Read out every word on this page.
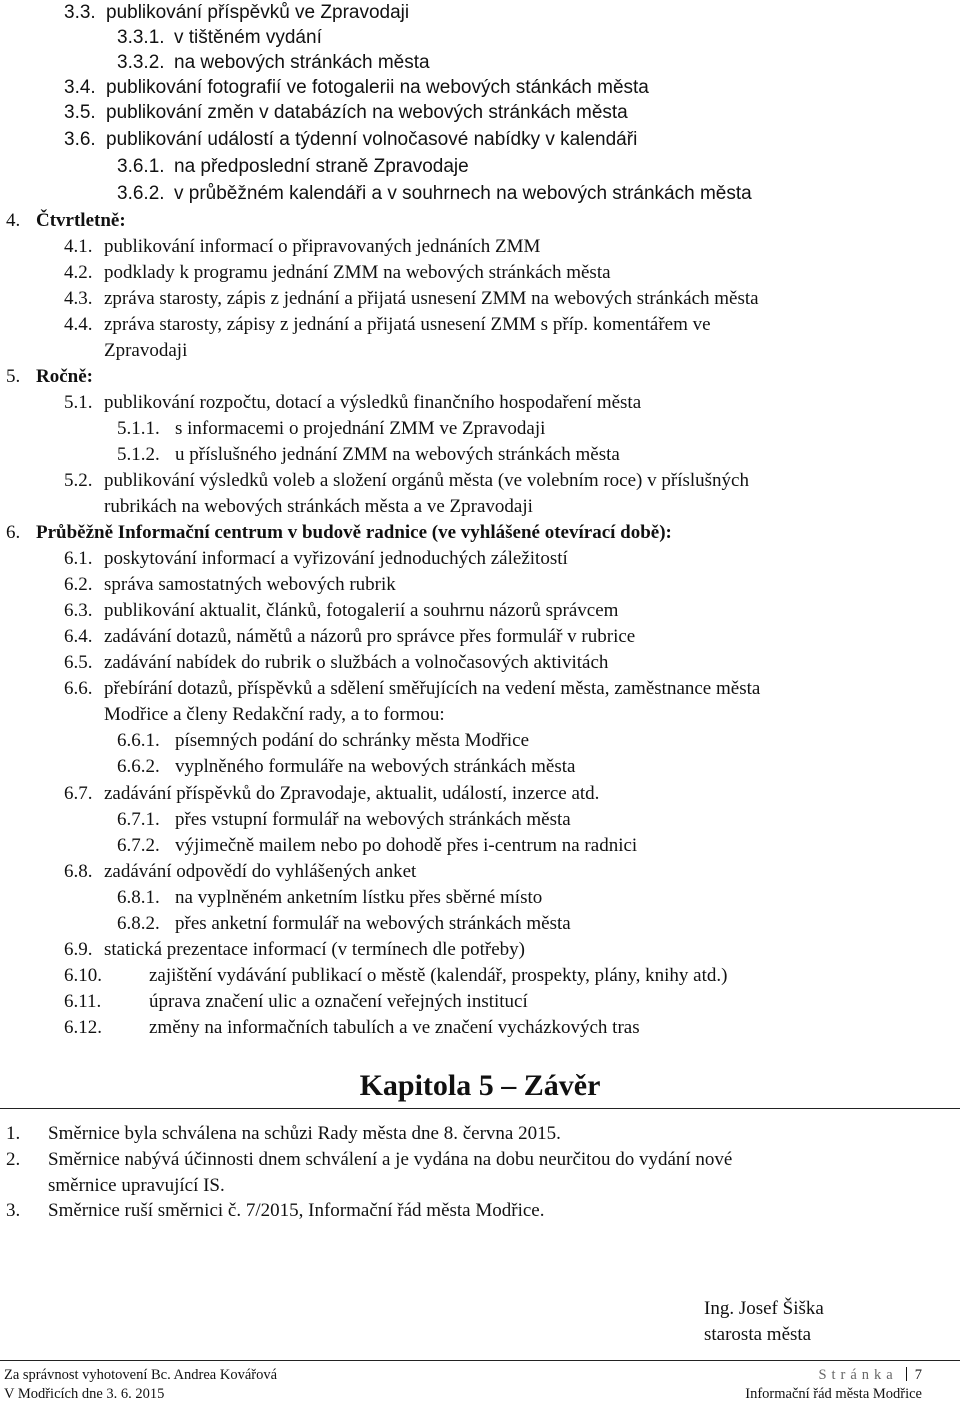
3.3. publikování příspěvků ve Zpravodaji
3.3.1. v tištěném vydání
3.3.2. na webových stránkách města
3.4. publikování fotografií ve fotogalerii na webových stánkách města
3.5. publikování změn v databázích na webových stránkách města
3.6. publikování událostí a týdenní volnočasové nabídky v kalendáři
3.6.1. na předposlední straně Zpravodaje
3.6.2. v průběžném kalendáři a v souhrnech na webových stránkách města
4. Čtvrtletně:
4.1. publikování informací o připravovaných jednáních ZMM
4.2. podklady k programu jednání ZMM na webových stránkách města
4.3. zpráva starosty, zápis z jednání a přijatá usnesení ZMM na webových stránkách města
4.4. zpráva starosty, zápisy z jednání a přijatá usnesení ZMM s příp. komentářem ve
Zpravodaji
5. Ročně:
5.1. publikování rozpočtu, dotací a výsledků finančního hospodaření města
5.1.1. s informacemi o projednání ZMM ve Zpravodaji
5.1.2. u příslušného jednání ZMM na webových stránkách města
5.2. publikování výsledků voleb a složení orgánů města (ve volebním roce) v příslušných
rubrikách na webových stránkách města a ve Zpravodaji
6. Průběžně Informační centrum v budově radnice (ve vyhlášené otevírací době):
6.1. poskytování informací a vyřizování jednoduchých záležitostí
6.2. správa samostatných webových rubrik
6.3. publikování aktualit, článků, fotogalerií a souhrnu názorů správcem
6.4. zadávání dotazů, námětů a názorů pro správce přes formulář v rubrice
6.5. zadávání nabídek do rubrik o službách a volnočasových aktivitách
6.6. přebírání dotazů, příspěvků a sdělení směřujících na vedení města, zaměstnance města
Modřice a členy Redakční rady, a to formou:
6.6.1. písemných podání do schránky města Modřice
6.6.2. vyplněného formuláře na webových stránkách města
6.7. zadávání příspěvků do Zpravodaje, aktualit, událostí, inzerce atd.
6.7.1. přes vstupní formulář na webových stránkách města
6.7.2. výjimečně mailem nebo po dohodě přes i-centrum na radnici
6.8. zadávání odpovědí do vyhlášených anket
6.8.1. na vyplněném anketním lístku přes sběrné místo
6.8.2. přes anketní formulář na webových stránkách města
6.9. statická prezentace informací (v termínech dle potřeby)
6.10. zajištění vydávání publikací o městě (kalendář, prospekty, plány, knihy atd.)
6.11.	úprava značení ulic a označení veřejných institucí
6.12. změny na informačních tabulích a ve značení vycházkových tras
Kapitola 5 – Závěr
1. Směrnice byla schválena na schůzi Rady města dne 8. června 2015.
2. Směrnice nabývá účinnosti dnem schválení a je vydána na dobu neurčitou do vydání nové
směrnice upravující IS.
3. Směrnice ruší směrnici č. 7/2015, Informační řád města Modřice.
Ing. Josef Šiška
starosta města
Za správnost vyhotovení Bc. Andrea Kovářová
V Modřicích dne 3. 6. 2015
Stránka 7
Informační řád města Modřice
